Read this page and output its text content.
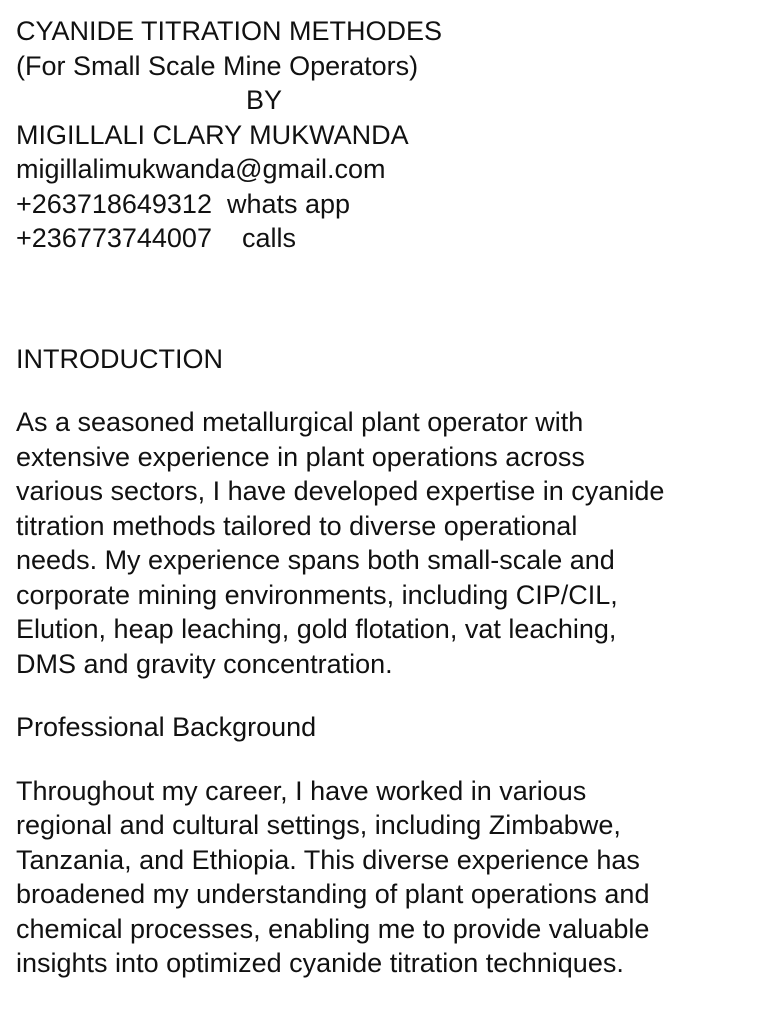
CYANIDE TITRATION METHODES
(For Small Scale Mine Operators)
BY
MIGILLALI CLARY MUKWANDA
migillalimukwanda@gmail.com
+263718649312  whats app
+236773744007    calls
INTRODUCTION
As a seasoned metallurgical plant operator with
extensive experience in plant operations across
various sectors, I have developed expertise in cyanide
titration methods tailored to diverse operational
needs. My experience spans both small-scale and
corporate mining environments, including CIP/CIL,
Elution, heap leaching, gold flotation, vat leaching,
DMS and gravity concentration.
Professional Background
Throughout my career, I have worked in various
regional and cultural settings, including Zimbabwe,
Tanzania, and Ethiopia. This diverse experience has
broadened my understanding of plant operations and
chemical processes, enabling me to provide valuable
insights into optimized cyanide titration techniques.
